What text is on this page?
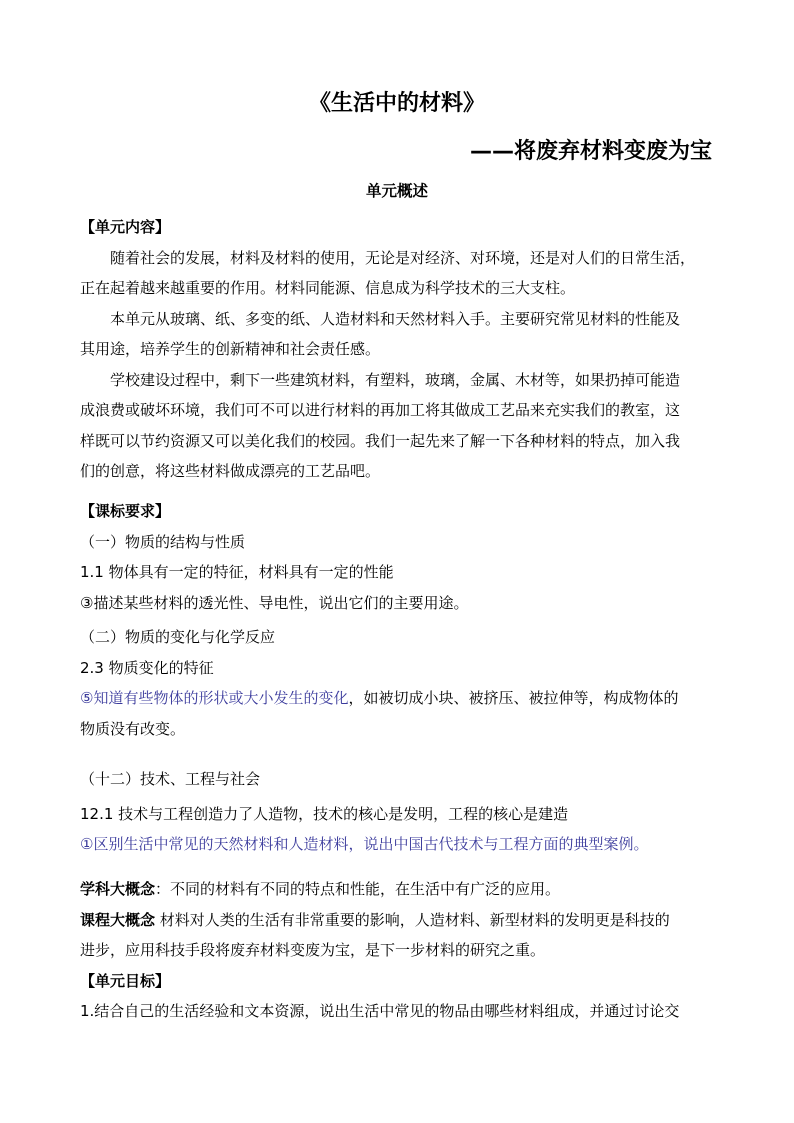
《生活中的材料》
——将废弃材料变废为宝
单元概述
【单元内容】
随着社会的发展，材料及材料的使用，无论是对经济、对环境，还是对人们的日常生活，
正在起着越来越重要的作用。材料同能源、信息成为科学技术的三大支柱。
本单元从玻璃、纸、多变的纸、人造材料和天然材料入手。主要研究常见材料的性能及
其用途，培养学生的创新精神和社会责任感。
学校建设过程中，剩下一些建筑材料，有塑料，玻璃，金属、木材等，如果扔掉可能造
成浪费或破坏环境，我们可不可以进行材料的再加工将其做成工艺品来充实我们的教室，这
样既可以节约资源又可以美化我们的校园。我们一起先来了解一下各种材料的特点，加入我
们的创意，将这些材料做成漂亮的工艺品吧。
【课标要求】
（一）物质的结构与性质
1.1 物体具有一定的特征，材料具有一定的性能
③描述某些材料的透光性、导电性，说出它们的主要用途。
（二）物质的变化与化学反应
2.3 物质变化的特征
⑤知道有些物体的形状或大小发生的变化，如被切成小块、被挤压、被拉伸等，构成物体的
物质没有改变。
（十二）技术、工程与社会
12.1 技术与工程创造力了人造物，技术的核心是发明，工程的核心是建造
①区别生活中常见的天然材料和人造材料，说出中国古代技术与工程方面的典型案例。
学科大概念：不同的材料有不同的特点和性能，在生活中有广泛的应用。
课程大概念 材料对人类的生活有非常重要的影响，人造材料、新型材料的发明更是科技的
进步，应用科技手段将废弃材料变废为宝，是下一步材料的研究之重。
【单元目标】
1.结合自己的生活经验和文本资源，说出生活中常见的物品由哪些材料组成，并通过讨论交
